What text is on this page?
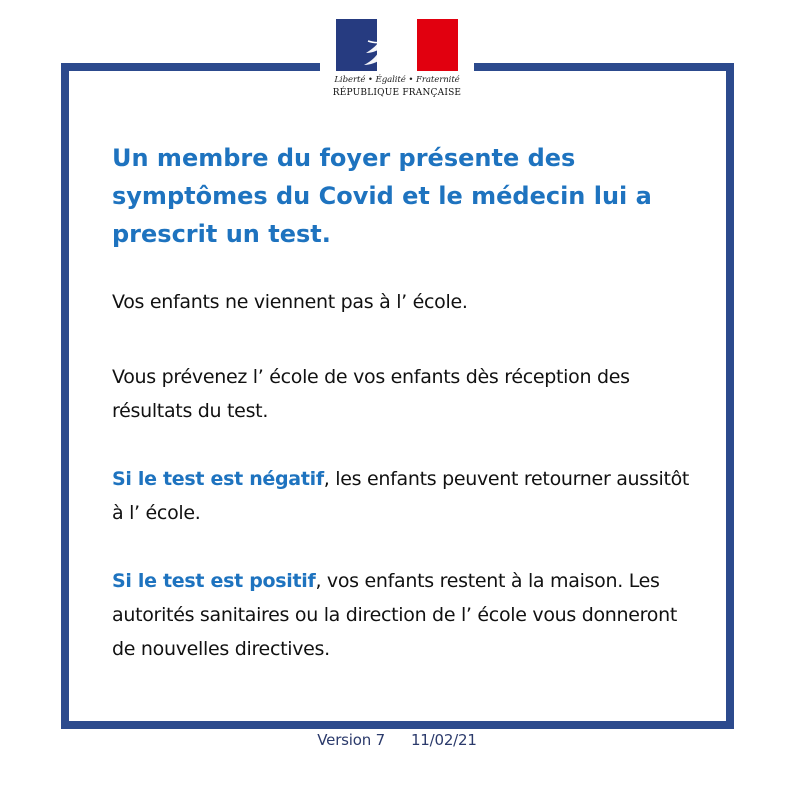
Liberté • Égalité • Fraternité
RÉPUBLIQUE FRANÇAISE
Un membre du foyer présente des symptômes du Covid et le médecin lui a prescrit un test.

Vos enfants ne viennent pas à l’ école.

Vous prévenez l’ école de vos enfants dès réception des résultats du test.

Si le test est négatif, les enfants peuvent retourner aussitôt à l’ école.

Si le test est positif, vos enfants restent à la maison. Les autorités sanitaires ou la direction de l’ école vous donneront de nouvelles directives.

Version 7 11/02/21
